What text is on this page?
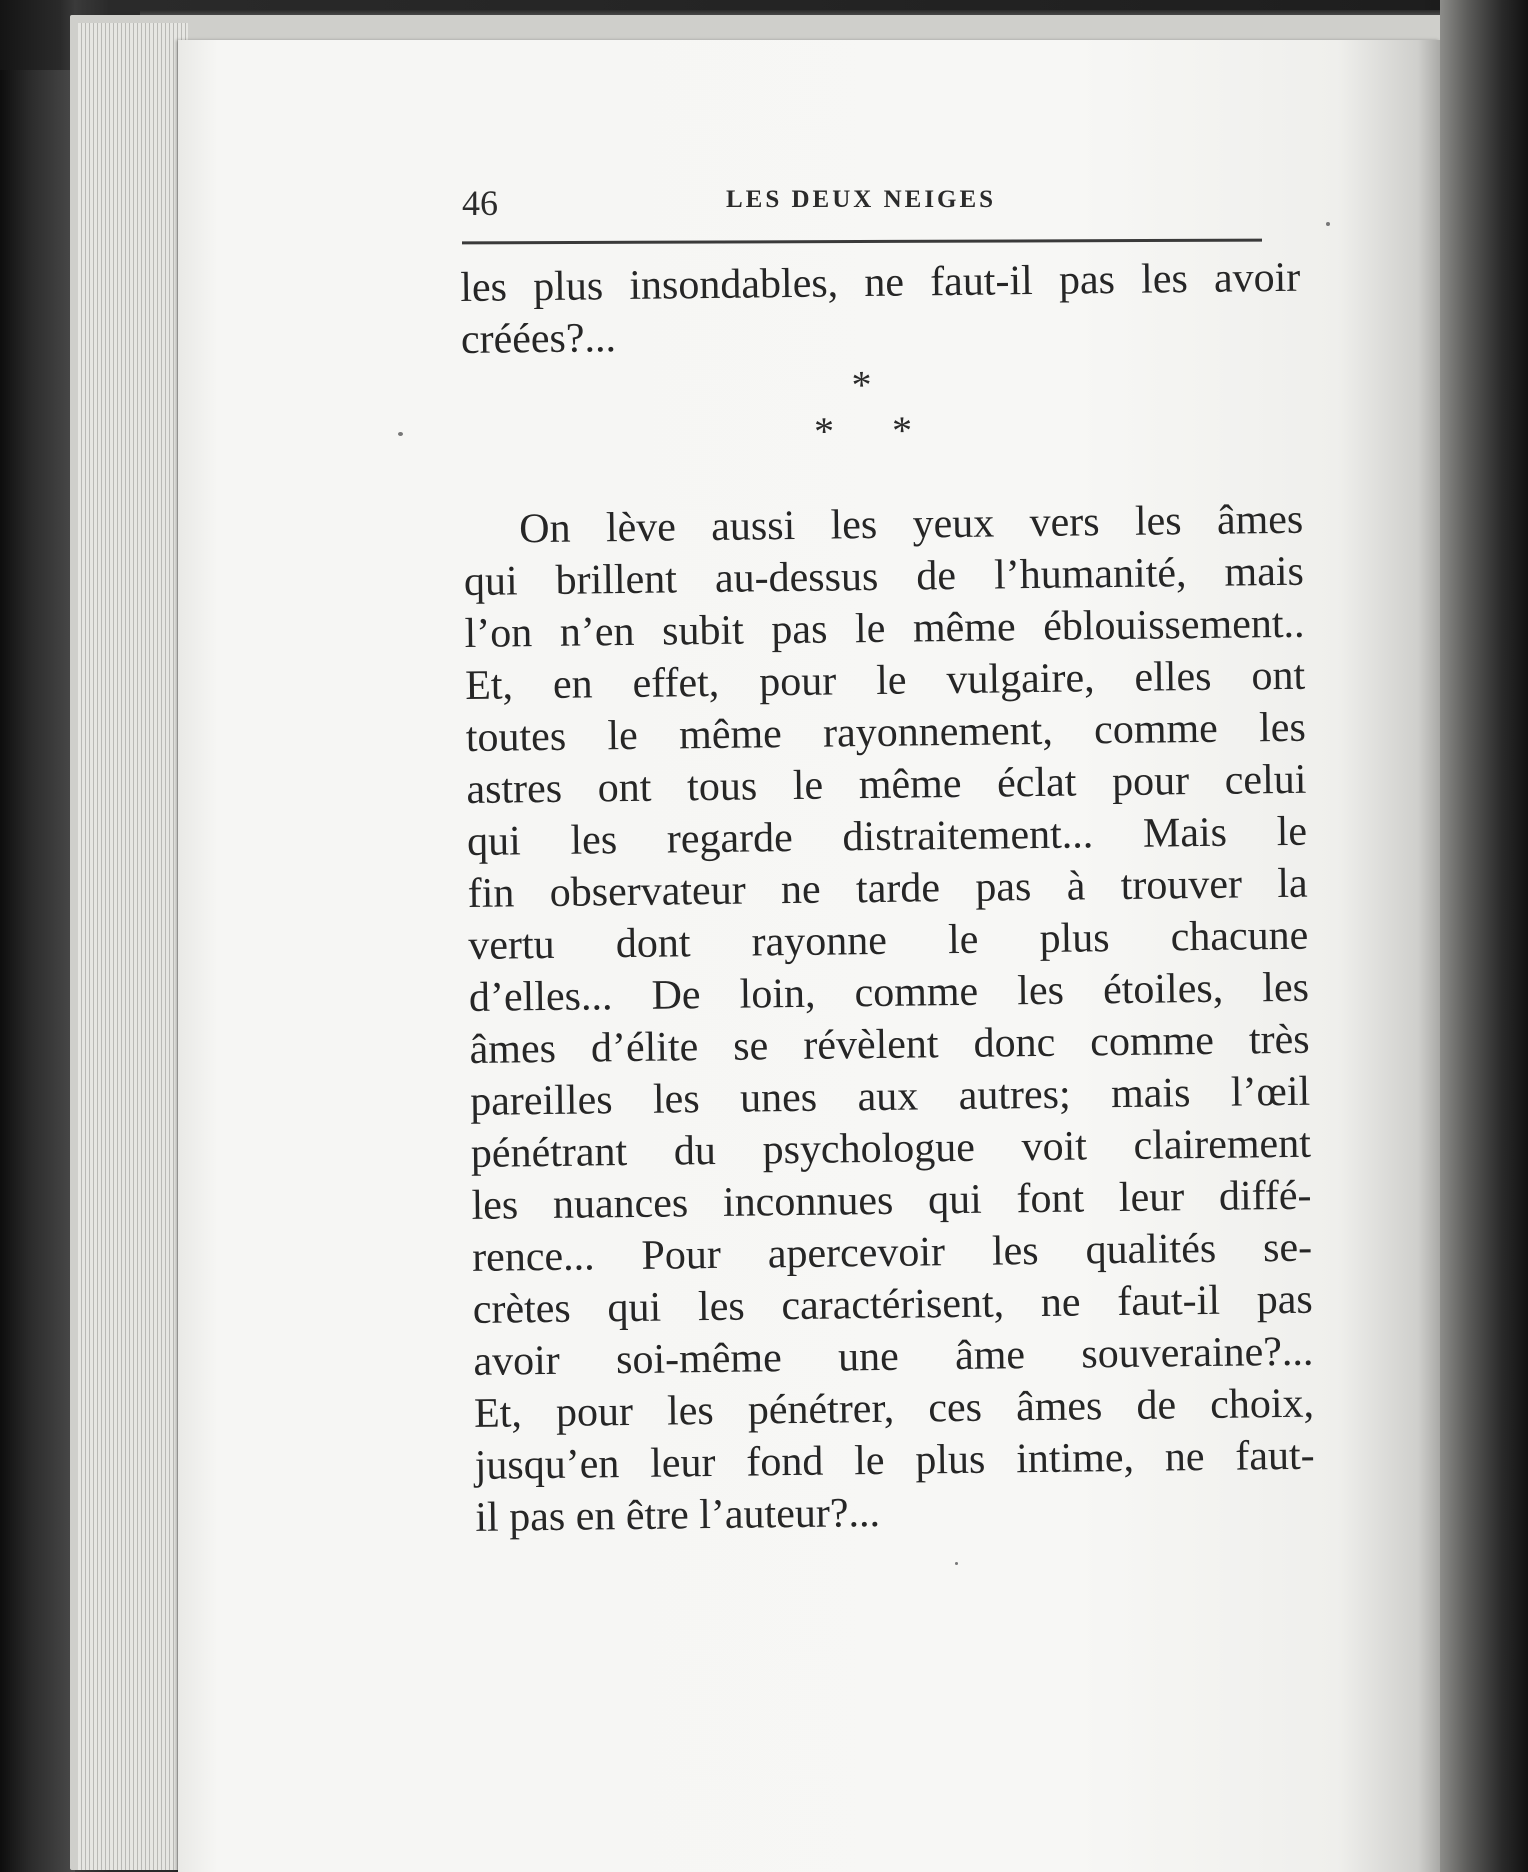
46	LES DEUX NEIGES
les plus insondables, ne faut-il pas les avoir
créées?...
*
* *
On lève aussi les yeux vers les âmes
qui brillent au-dessus de l’humanité, mais
l’on n’en subit pas le même éblouissement..
Et, en effet, pour le vulgaire, elles ont
toutes le même rayonnement, comme les
astres ont tous le même éclat pour celui
qui les regarde distraitement... Mais le
fin observateur ne tarde pas à trouver la
vertu dont rayonne le plus chacune
d’elles... De loin, comme les étoiles, les
âmes d’élite se révèlent donc comme très
pareilles les unes aux autres; mais l’œil
pénétrant du psychologue voit clairement
les nuances inconnues qui font leur diffé-
rence... Pour apercevoir les qualités se-
crètes qui les caractérisent, ne faut-il pas
avoir soi-même une âme souveraine?...
Et, pour les pénétrer, ces âmes de choix,
jusqu’en leur fond le plus intime, ne faut-
il pas en être l’auteur?...
